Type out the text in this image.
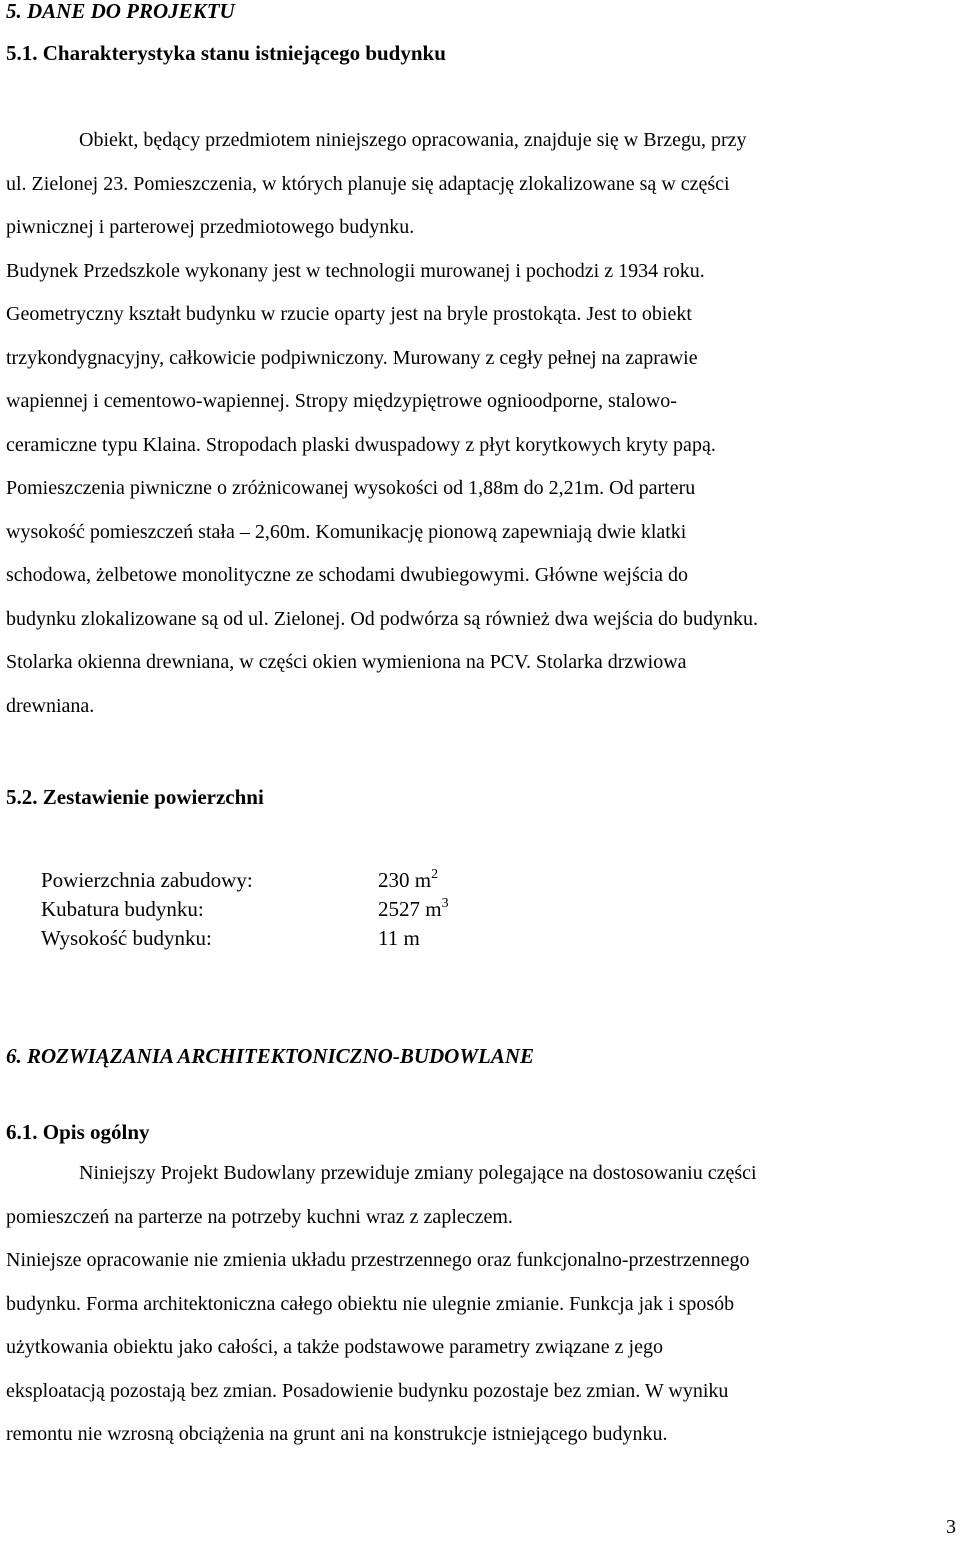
5. DANE DO PROJEKTU
5.1. Charakterystyka stanu istniejącego budynku
Obiekt, będący przedmiotem niniejszego opracowania, znajduje się w Brzegu, przy
ul. Zielonej 23. Pomieszczenia, w których planuje się adaptację zlokalizowane są w części
piwnicznej i parterowej przedmiotowego budynku.
Budynek Przedszkole wykonany jest w technologii murowanej i pochodzi z 1934 roku.
Geometryczny kształt budynku w rzucie oparty jest na bryle prostokąta. Jest to obiekt
trzykondygnacyjny, całkowicie podpiwniczony. Murowany z cegły pełnej na zaprawie
wapiennej i cementowo-wapiennej. Stropy międzypiętrowe ognioodporne, stalowo-
ceramiczne typu Klaina. Stropodach plaski dwuspadowy z płyt korytkowych kryty papą.
Pomieszczenia piwniczne o zróżnicowanej wysokości od 1,88m do 2,21m. Od parteru
wysokość pomieszczeń stała – 2,60m. Komunikację pionową zapewniają dwie klatki
schodowa, żelbetowe monolityczne ze schodami dwubiegowymi. Główne wejścia do
budynku zlokalizowane są od ul. Zielonej. Od podwórza są również dwa wejścia do budynku.
Stolarka okienna drewniana, w części okien wymieniona na PCV. Stolarka drzwiowa
drewniana.
5.2. Zestawienie powierzchni
Powierzchnia zabudowy:	230 $m^2$
Kubatura budynku:	2527 $m^3$
Wysokość budynku:	11 m
6. ROZWIĄZANIA ARCHITEKTONICZNO-BUDOWLANE
6.1. Opis ogólny
Niniejszy Projekt Budowlany przewiduje zmiany polegające na dostosowaniu części
pomieszczeń na parterze na potrzeby kuchni wraz z zapleczem.
Niniejsze opracowanie nie zmienia układu przestrzennego oraz funkcjonalno-przestrzennego
budynku. Forma architektoniczna całego obiektu nie ulegnie zmianie. Funkcja jak i sposób
użytkowania obiektu jako całości, a także podstawowe parametry związane z jego
eksploatacją pozostają bez zmian. Posadowienie budynku pozostaje bez zmian. W wyniku
remontu nie wzrosną obciążenia na grunt ani na konstrukcje istniejącego budynku.
3
